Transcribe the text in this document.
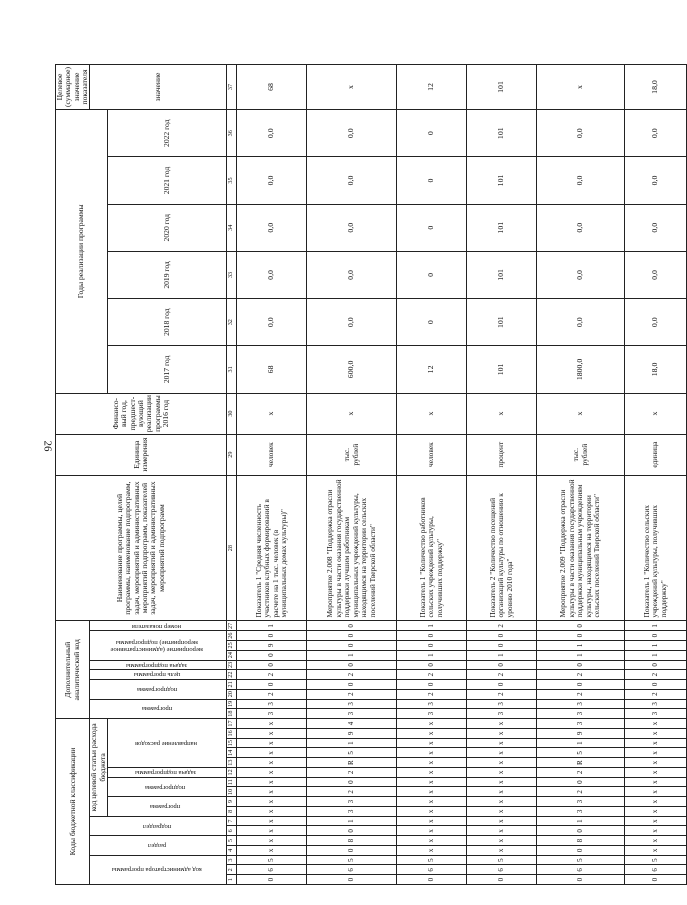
26
Коды бюджетной классификации																	Дополнительный аналитический код										Наименование программы, целей программы, наименование подпрограмм, задач, мероприятий и административных мероприятий подпрограмм, показателей задач, мероприятий и административных мероприятий подпрограмм	Единица измерения	Финансо-вый год, предшест-вующий реализации программы 2016 год	Годы реализации программы						Целевое (суммарное) значение показателя
код администратора программы			раздел		подраздел		код целевой статьи расхода бюджета										программа		подпрограмма		цель программы	задача подпрограммы	мероприятие (административное мероприятие) подпрограммы			номер показателя										значение
							программа		подпрограмма		задача подпрограммы	направление расходов																		2017 год	2018 год	2019 год	2020 год	2021 год	2022 год	
1	2	3	4	5	6	7	8	9	10	11	12	13	14	15	16	17	18	19	20	21	22	23	24	25	26	27	28	29	30	31	32	33	34	35	36	37
0	6	5	х	х	х	х	х	х	х	х	х	х	х	х	х	х	3	3	2	0	2	0	0	9	0	1	Показатель 1 "Средняя численность участников клубных формирований в расчете на 1 тыс. человек (в муниципальных домах культуры)"	человек	х	68	0,0	0,0	0,0	0,0	0,0	68
0	6	5	0	8	0	1	3	3	2	0	2	R	5	1	9	4	3	3	2	0	2	0	1	0	0	0	Мероприятие 2.008 "Поддержка отрасли культуры в части оказания государственной поддержки лучшим работникам муниципальных учреждений культуры, находящимся на территории сельских поселений Тверской области"	тыс. рублей	х	600,0	0,0	0,0	0,0	0,0	0,0	х
0	6	5	х	х	х	х	х	х	х	х	х	х	х	х	х	х	3	3	2	0	2	0	1	0	0	1	Показатель 1 "Количество работников сельских учреждений культуры, получивших поддержку"	человек	х	12	0	0	0	0	0	12
0	6	5	х	х	х	х	х	х	х	х	х	х	х	х	х	х	3	3	2	0	2	0	1	0	0	2	Показатель 2 "Количество посещений организаций культуры по отношению к уровню 2010 года"	процент	х	101	101	101	101	101	101	101
0	6	5	0	8	0	1	3	3	2	0	2	R	5	1	9	3	3	3	2	0	2	0	1	1	0	0	Мероприятие 2.009 "Поддержка отрасли культуры в части оказания государственной поддержки муниципальным учреждениям культуры, находящимся на территории сельских поселений Тверской области"	тыс. рублей	х	1800,0	0,0	0,0	0,0	0,0	0,0	х
0	6	5	х	х	х	х	х	х	х	х	х	х	х	х	х	х	3	3	2	0	2	0	1	1	0	1	Показатель 1 "Количество сельских учреждений культуры, получивших поддержку"	единица	х	18,0	0,0	0,0	0,0	0,0	0,0	18,0
